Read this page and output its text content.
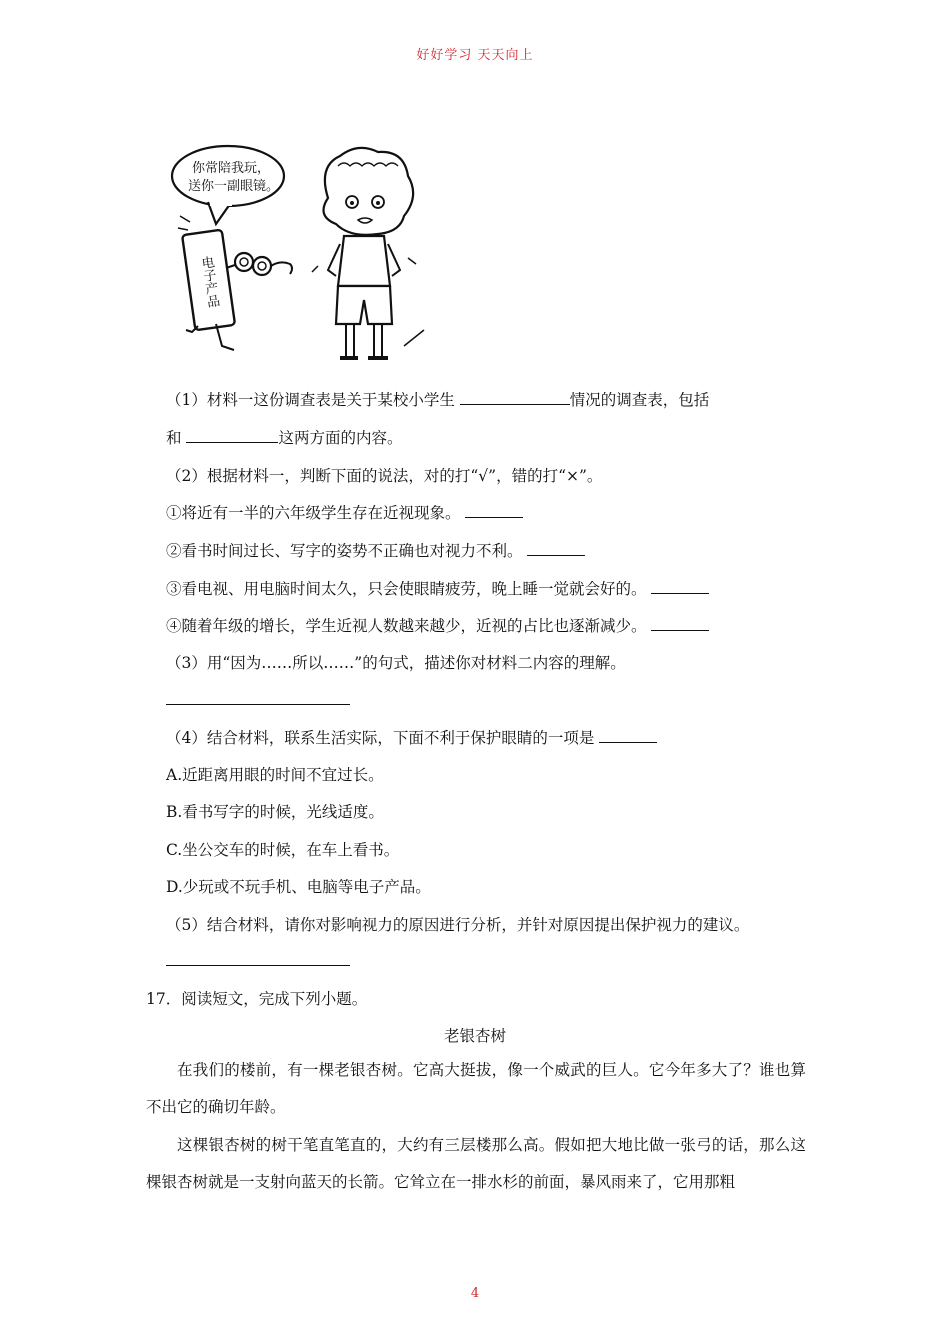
好好学习 天天向上
你常陪我玩，
送你一副眼镜。
电子产品
（1）材料一这份调查表是关于某校小学生	情况的调查表，包括
和	这两方面的内容。
（2）根据材料一，判断下面的说法，对的打“√”，错的打“×”。
①将近有一半的六年级学生存在近视现象。
②看书时间过长、写字的姿势不正确也对视力不利。
③看电视、用电脑时间太久，只会使眼睛疲劳，晚上睡一觉就会好的。
④随着年级的增长，学生近视人数越来越少，近视的占比也逐渐减少。
（3）用“因为……所以……”的句式，描述你对材料二内容的理解。
（4）结合材料，联系生活实际，下面不利于保护眼睛的一项是
A.近距离用眼的时间不宜过长。
B.看书写字的时候，光线适度。
C.坐公交车的时候，在车上看书。
D.少玩或不玩手机、电脑等电子产品。
（5）结合材料，请你对影响视力的原因进行分析，并针对原因提出保护视力的建议。
17．阅读短文，完成下列小题。
老银杏树
在我们的楼前，有一棵老银杏树。它高大挺拔，像一个威武的巨人。它今年多大了？谁也算不出它的确切年龄。
这棵银杏树的树干笔直笔直的，大约有三层楼那么高。假如把大地比做一张弓的话，那么这棵银杏树就是一支射向蓝天的长箭。它耸立在一排水杉的前面，暴风雨来了，它用那粗
4
